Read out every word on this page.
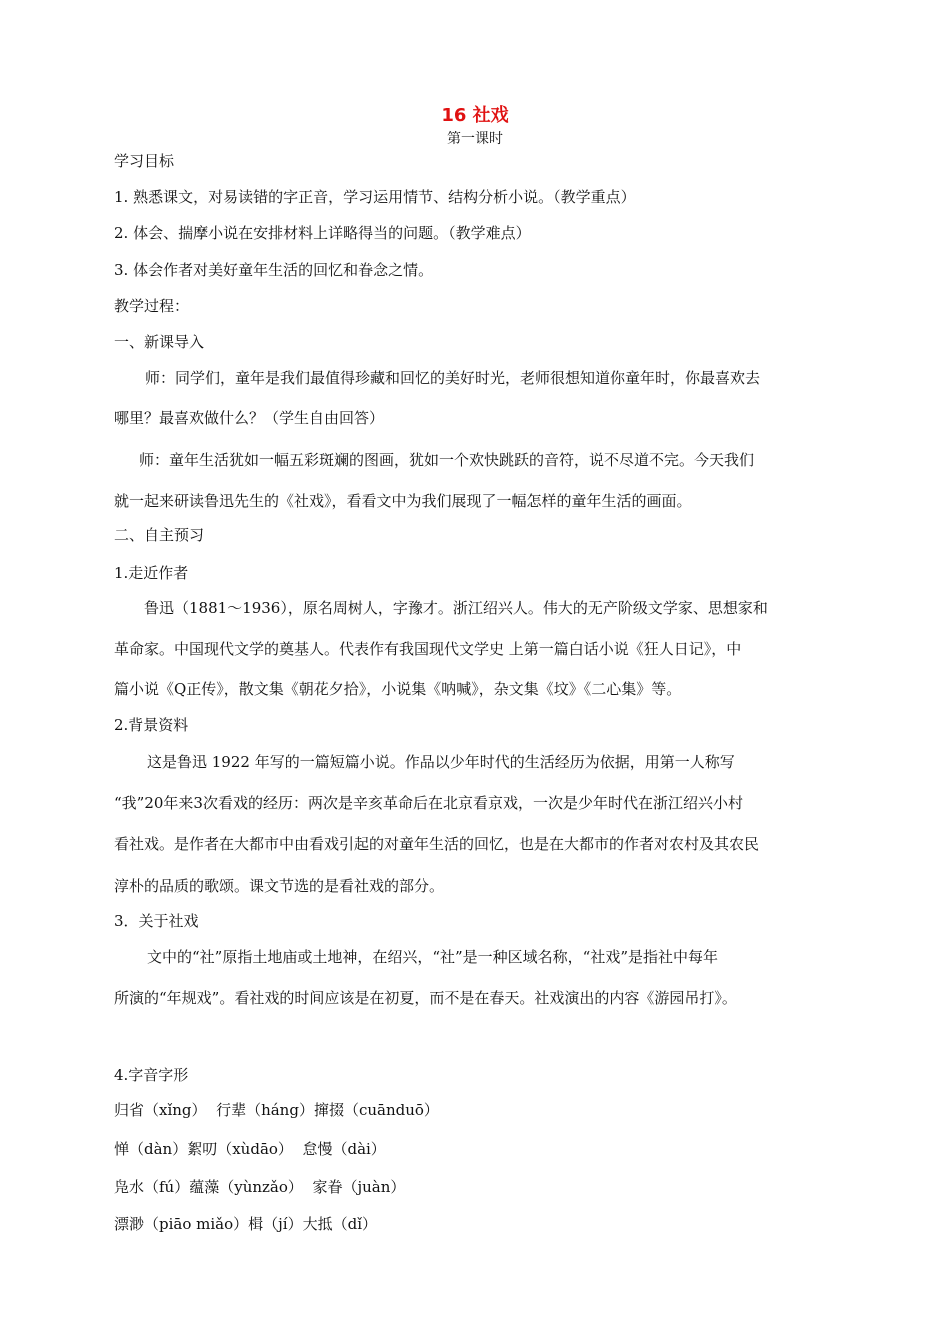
16 社戏
第一课时
学习目标
1. 熟悉课文，对易读错的字正音，学习运用情节、结构分析小说。（教学重点）
2. 体会、揣摩小说在安排材料上详略得当的问题。（教学难点）
3. 体会作者对美好童年生活的回忆和眷念之情。
教学过程：
一、新课导入
师：同学们，童年是我们最值得珍藏和回忆的美好时光，老师很想知道你童年时，你最喜欢去
哪里？最喜欢做什么？（学生自由回答）
师：童年生活犹如一幅五彩斑斓的图画，犹如一个欢快跳跃的音符，说不尽道不完。今天我们
就一起来研读鲁迅先生的《社戏》，看看文中为我们展现了一幅怎样的童年生活的画面。
二、自主预习
1.走近作者
鲁迅（1881～1936），原名周树人，字豫才。浙江绍兴人。伟大的无产阶级文学家、思想家和
革命家。中国现代文学的奠基人。代表作有我国现代文学史 上第一篇白话小说《狂人日记》，中
篇小说《Q正传》，散文集《朝花夕拾》，小说集《呐喊》，杂文集《坟》《二心集》等。
2.背景资料
这是鲁迅 1922 年写的一篇短篇小说。作品以少年时代的生活经历为依据，用第一人称写
“我”20年来3次看戏的经历：两次是辛亥革命后在北京看京戏，一次是少年时代在浙江绍兴小村
看社戏。是作者在大都市中由看戏引起的对童年生活的回忆，也是在大都市的作者对农村及其农民
淳朴的品质的歌颂。课文节选的是看社戏的部分。
3．关于社戏
文中的“社”原指土地庙或土地神，在绍兴，“社”是一种区域名称，“社戏”是指社中每年
所演的“年规戏”。看社戏的时间应该是在初夏，而不是在春天。社戏演出的内容《游园吊打》。
4.字音字形
归省（xǐng） 行辈（háng）撺掇（cuānduō）
惮（dàn）絮叨（xùdāo） 怠慢（dài）
凫水（fú）蕴藻（yùnzǎo） 家眷（juàn）
漂渺（piāo miǎo）楫（jí）大抵（dǐ）
